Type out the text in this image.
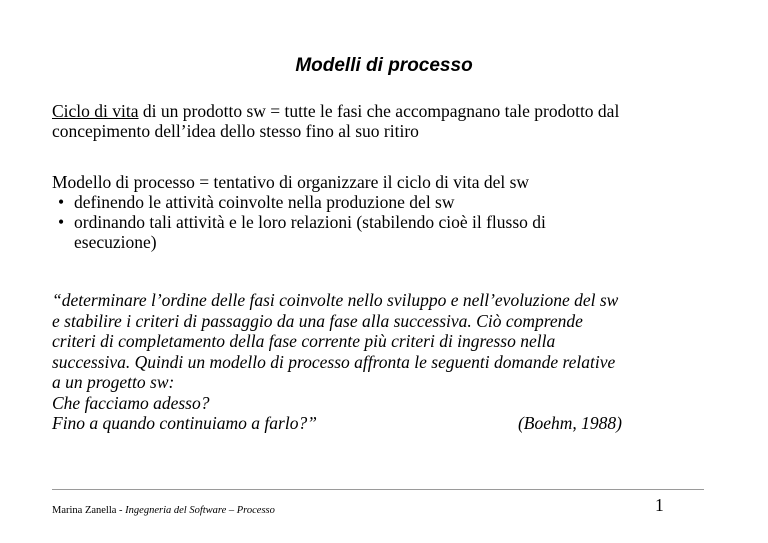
Modelli di processo
Ciclo di vita di un prodotto sw = tutte le fasi che accompagnano tale prodotto dal
concepimento dell’idea dello stesso fino al suo ritiro
Modello di processo = tentativo di organizzare il ciclo di vita del sw
• definendo le attività coinvolte nella produzione del sw
• ordinando tali attività e le loro relazioni (stabilendo cioè il flusso di
esecuzione)
“determinare l’ordine delle fasi coinvolte nello sviluppo e nell’evoluzione del sw
e stabilire i criteri di passaggio da una fase alla successiva. Ciò comprende
criteri di completamento della fase corrente più criteri di ingresso nella
successiva. Quindi un modello di processo affronta le seguenti domande relative
a un progetto sw:
Che facciamo adesso?
Fino a quando continuiamo a farlo?”	(Boehm, 1988)
Marina Zanella - Ingegneria del Software – Processo	1
